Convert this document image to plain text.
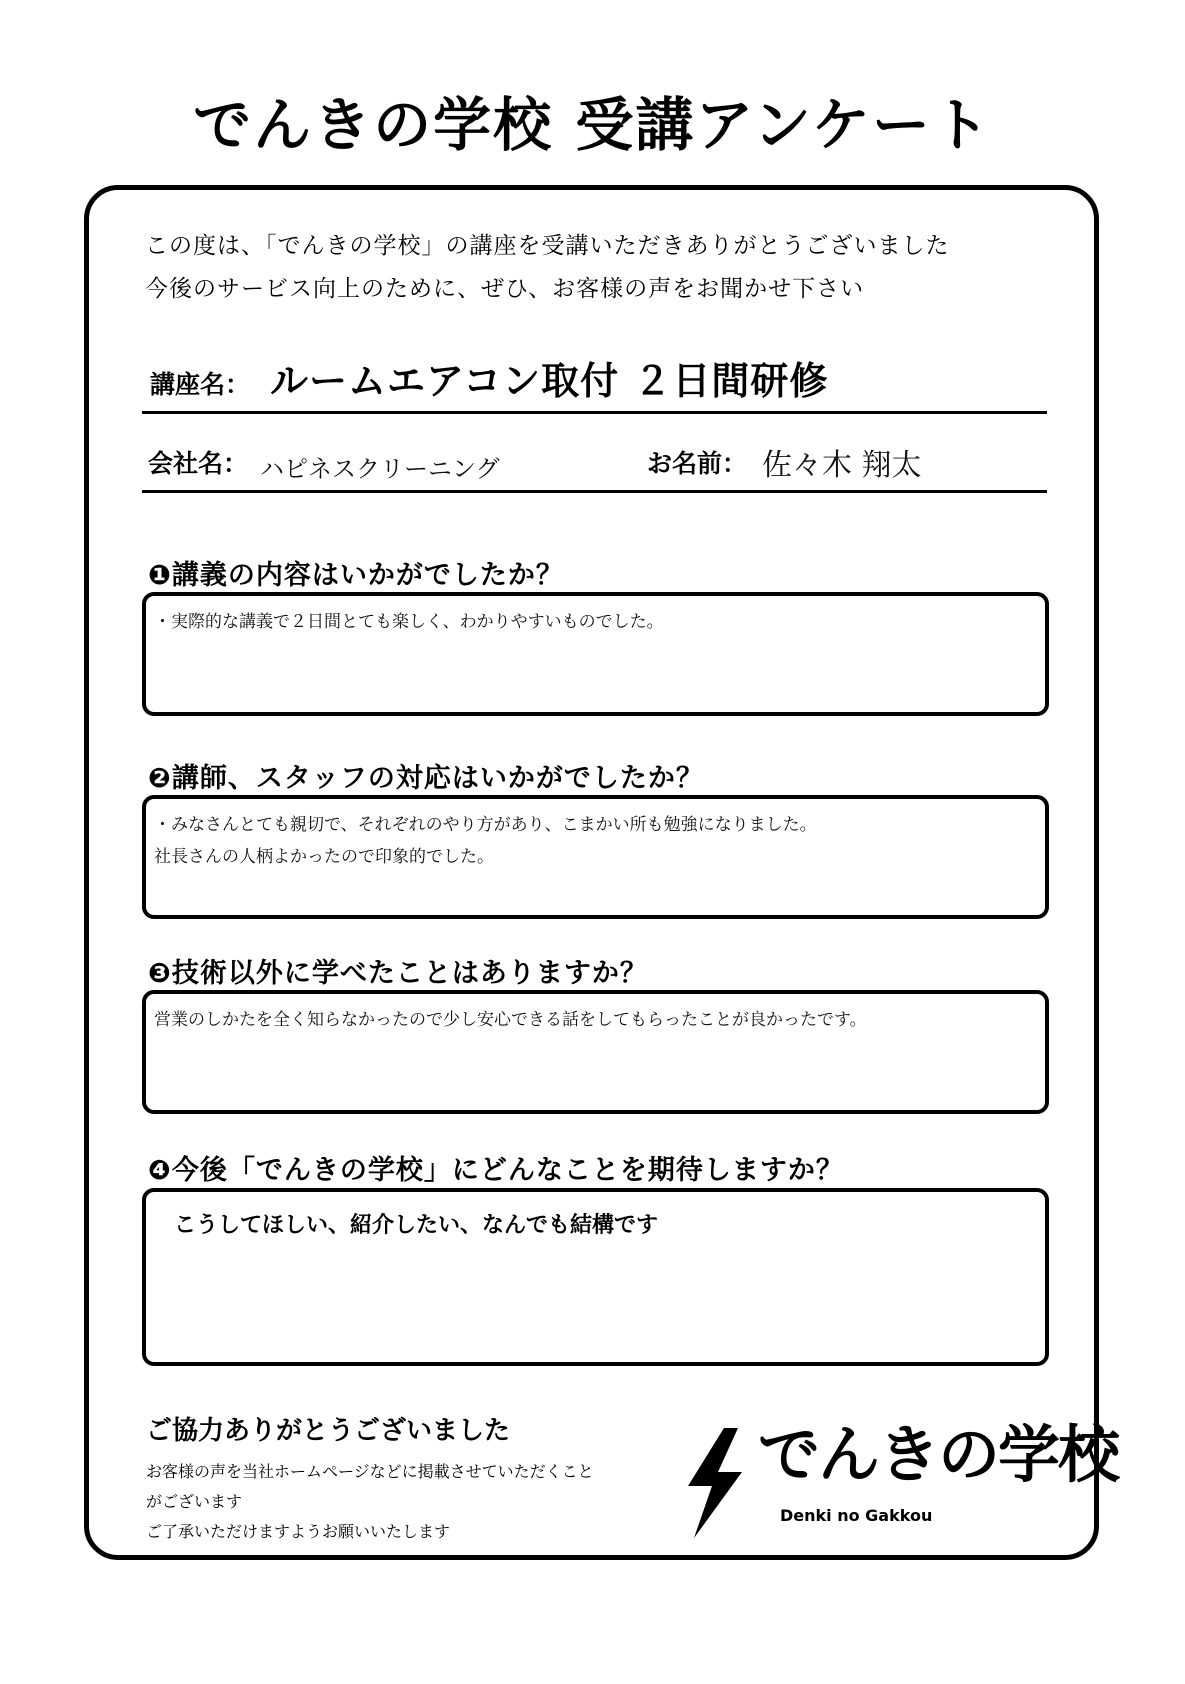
でんきの学校 受講アンケート
この度は、「でんきの学校」の講座を受講いただきありがとうございました
今後のサービス向上のために、ぜひ、お客様の声をお聞かせ下さい
講座名： ルームエアコン取付 ２日間研修
会社名： ハピネスクリーニング	お名前： 佐々木 翔太
❶講義の内容はいかがでしたか？
・実際的な講義で２日間とても楽しく、わかりやすいものでした。
❷講師、スタッフの対応はいかがでしたか？
・みなさんとても親切で、それぞれのやり方があり、こまかい所も勉強になりました。
社長さんの人柄よかったので印象的でした。
❸技術以外に学べたことはありますか？
営業のしかたを全く知らなかったので少し安心できる話をしてもらったことが良かったです。
❹今後「でんきの学校」にどんなことを期待しますか？
こうしてほしい、紹介したい、なんでも結構です
ご協力ありがとうございました
お客様の声を当社ホームページなどに掲載させていただくこと
がございます
ご了承いただけますようお願いいたします
でんきの学校
Denki no Gakkou
